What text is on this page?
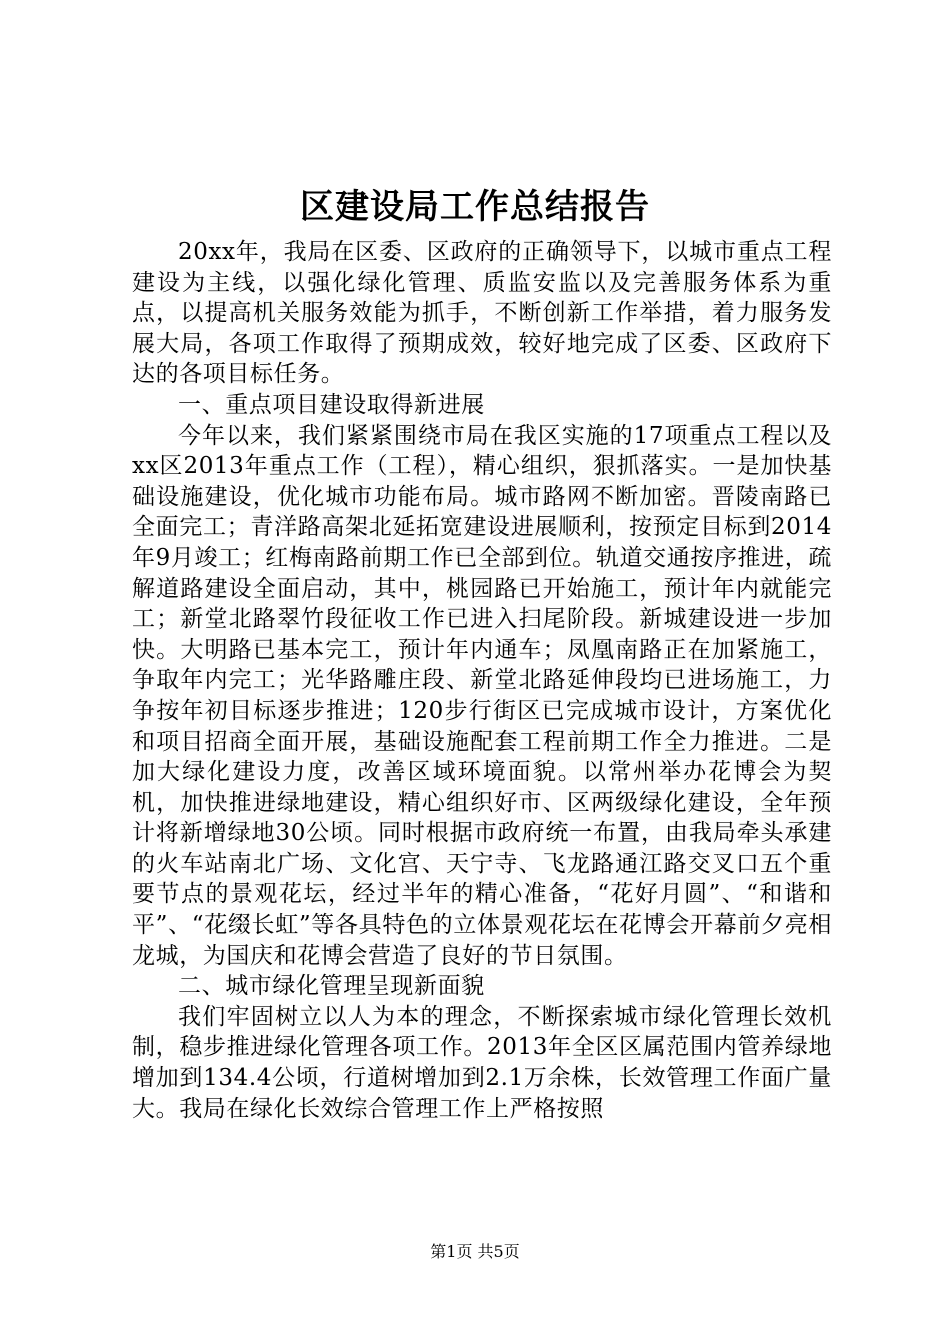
区建设局工作总结报告

20xx年，我局在区委、区政府的正确领导下，以城市重点工程建设为主线，以强化绿化管理、质监安监以及完善服务体系为重点，以提高机关服务效能为抓手，不断创新工作举措，着力服务发展大局，各项工作取得了预期成效，较好地完成了区委、区政府下达的各项目标任务。

一、重点项目建设取得新进展

今年以来，我们紧紧围绕市局在我区实施的17项重点工程以及xx区2013年重点工作（工程），精心组织，狠抓落实。一是加快基础设施建设，优化城市功能布局。城市路网不断加密。晋陵南路已全面完工；青洋路高架北延拓宽建设进展顺利，按预定目标到2014年9月竣工；红梅南路前期工作已全部到位。轨道交通按序推进，疏解道路建设全面启动，其中，桃园路已开始施工，预计年内就能完工；新堂北路翠竹段征收工作已进入扫尾阶段。新城建设进一步加快。大明路已基本完工，预计年内通车；凤凰南路正在加紧施工，争取年内完工；光华路雕庄段、新堂北路延伸段均已进场施工，力争按年初目标逐步推进；120步行街区已完成城市设计，方案优化和项目招商全面开展，基础设施配套工程前期工作全力推进。二是加大绿化建设力度，改善区域环境面貌。以常州举办花博会为契机，加快推进绿地建设，精心组织好市、区两级绿化建设，全年预计将新增绿地30公顷。同时根据市政府统一布置，由我局牵头承建的火车站南北广场、文化宫、天宁寺、飞龙路通江路交叉口五个重要节点的景观花坛，经过半年的精心准备，“花好月圆”、“和谐和平”、“花缀长虹”等各具特色的立体景观花坛在花博会开幕前夕亮相龙城，为国庆和花博会营造了良好的节日氛围。

二、城市绿化管理呈现新面貌

我们牢固树立以人为本的理念，不断探索城市绿化管理长效机制，稳步推进绿化管理各项工作。2013年全区区属范围内管养绿地增加到134.4公顷，行道树增加到2.1万余株，长效管理工作面广量大。我局在绿化长效综合管理工作上严格按照

第1页 共5页
